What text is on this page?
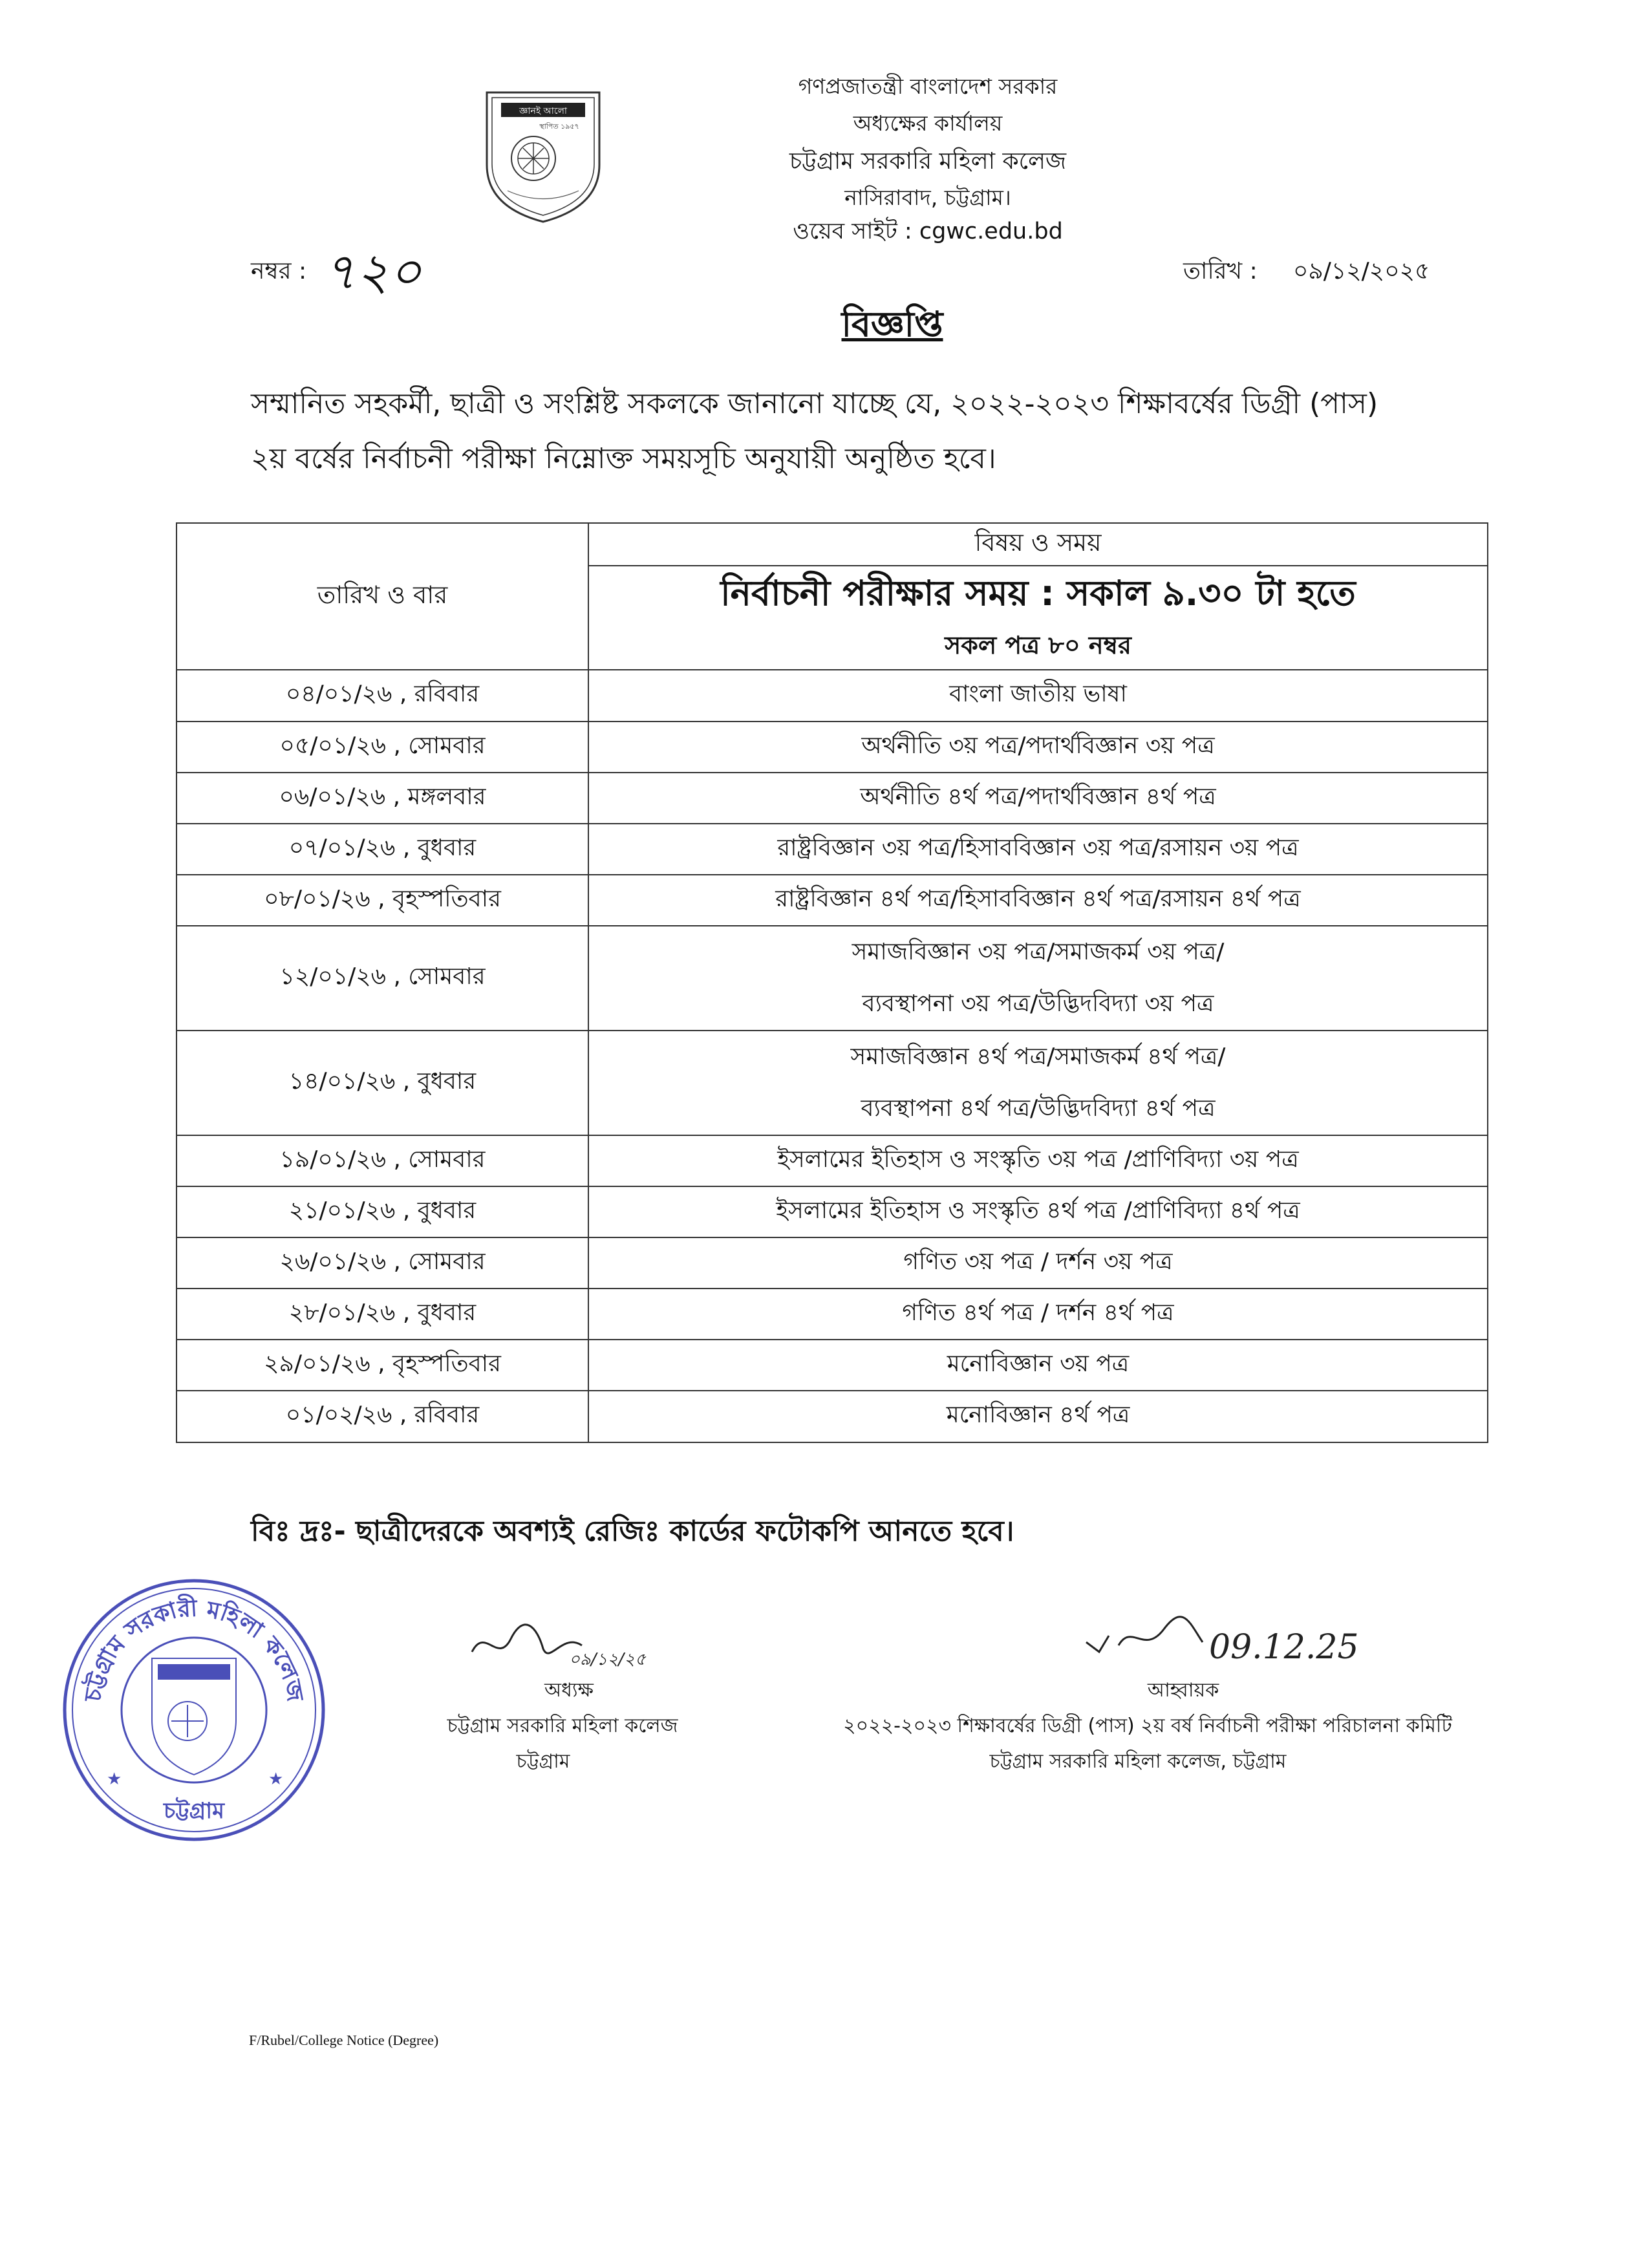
জ্ঞানই আলো
স্থাপিত ১৯৫৭
গণপ্রজাতন্ত্রী বাংলাদেশ সরকার
অধ্যক্ষের কার্যালয়
চট্টগ্রাম সরকারি মহিলা কলেজ
নাসিরাবাদ, চট্টগ্রাম।
ওয়েব সাইট : cgwc.edu.bd
নম্বর : ৭২০	তারিখ : ০৯/১২/২০২৫
বিজ্ঞপ্তি
সম্মানিত সহকর্মী, ছাত্রী ও সংশ্লিষ্ট সকলকে জানানো যাচ্ছে যে, ২০২২-২০২৩ শিক্ষাবর্ষের ডিগ্রী (পাস)
২য় বর্ষের নির্বাচনী পরীক্ষা নিম্নোক্ত সময়সূচি অনুযায়ী অনুষ্ঠিত হবে।
তারিখ ও বার	বিষয় ও সময়
	নির্বাচনী পরীক্ষার সময় : সকাল ৯.৩০ টা হতে
	সকল পত্র ৮০ নম্বর
০৪/০১/২৬ , রবিবার	বাংলা জাতীয় ভাষা
০৫/০১/২৬ , সোমবার	অর্থনীতি ৩য় পত্র/পদার্থবিজ্ঞান ৩য় পত্র
০৬/০১/২৬ , মঙ্গলবার	অর্থনীতি ৪র্থ পত্র/পদার্থবিজ্ঞান ৪র্থ পত্র
০৭/০১/২৬ , বুধবার	রাষ্ট্রবিজ্ঞান ৩য় পত্র/হিসাববিজ্ঞান ৩য় পত্র/রসায়ন ৩য় পত্র
০৮/০১/২৬ , বৃহস্পতিবার	রাষ্ট্রবিজ্ঞান ৪র্থ পত্র/হিসাববিজ্ঞান ৪র্থ পত্র/রসায়ন ৪র্থ পত্র
১২/০১/২৬ , সোমবার	সমাজবিজ্ঞান ৩য় পত্র/সমাজকর্ম ৩য় পত্র/
ব্যবস্থাপনা ৩য় পত্র/উদ্ভিদবিদ্যা ৩য় পত্র

১৪/০১/২৬ , বুধবার	সমাজবিজ্ঞান ৪র্থ পত্র/সমাজকর্ম ৪র্থ পত্র/
ব্যবস্থাপনা ৪র্থ পত্র/উদ্ভিদবিদ্যা ৪র্থ পত্র

১৯/০১/২৬ , সোমবার	ইসলামের ইতিহাস ও সংস্কৃতি ৩য় পত্র /প্রাণিবিদ্যা ৩য় পত্র
২১/০১/২৬ , বুধবার	ইসলামের ইতিহাস ও সংস্কৃতি ৪র্থ পত্র /প্রাণিবিদ্যা ৪র্থ পত্র
২৬/০১/২৬ , সোমবার	গণিত ৩য় পত্র / দর্শন ৩য় পত্র
২৮/০১/২৬ , বুধবার	গণিত ৪র্থ পত্র / দর্শন ৪র্থ পত্র
২৯/০১/২৬ , বৃহস্পতিবার	মনোবিজ্ঞান ৩য় পত্র
০১/০২/২৬ , রবিবার	মনোবিজ্ঞান ৪র্থ পত্র
বিঃ দ্রঃ- ছাত্রীদেরকে অবশ্যই রেজিঃ কার্ডের ফটোকপি আনতে হবে।
চট্টগ্রাম সরকারী মহিলা কলেজ
চট্টগ্রাম
★	★
০৯/১২/২৫
অধ্যক্ষ
চট্টগ্রাম সরকারি মহিলা কলেজ
চট্টগ্রাম
09.12.25
আহ্বায়ক
২০২২-২০২৩ শিক্ষাবর্ষের ডিগ্রী (পাস) ২য় বর্ষ নির্বাচনী পরীক্ষা পরিচালনা কমিটি
চট্টগ্রাম সরকারি মহিলা কলেজ, চট্টগ্রাম
F/Rubel/College Notice (Degree)
